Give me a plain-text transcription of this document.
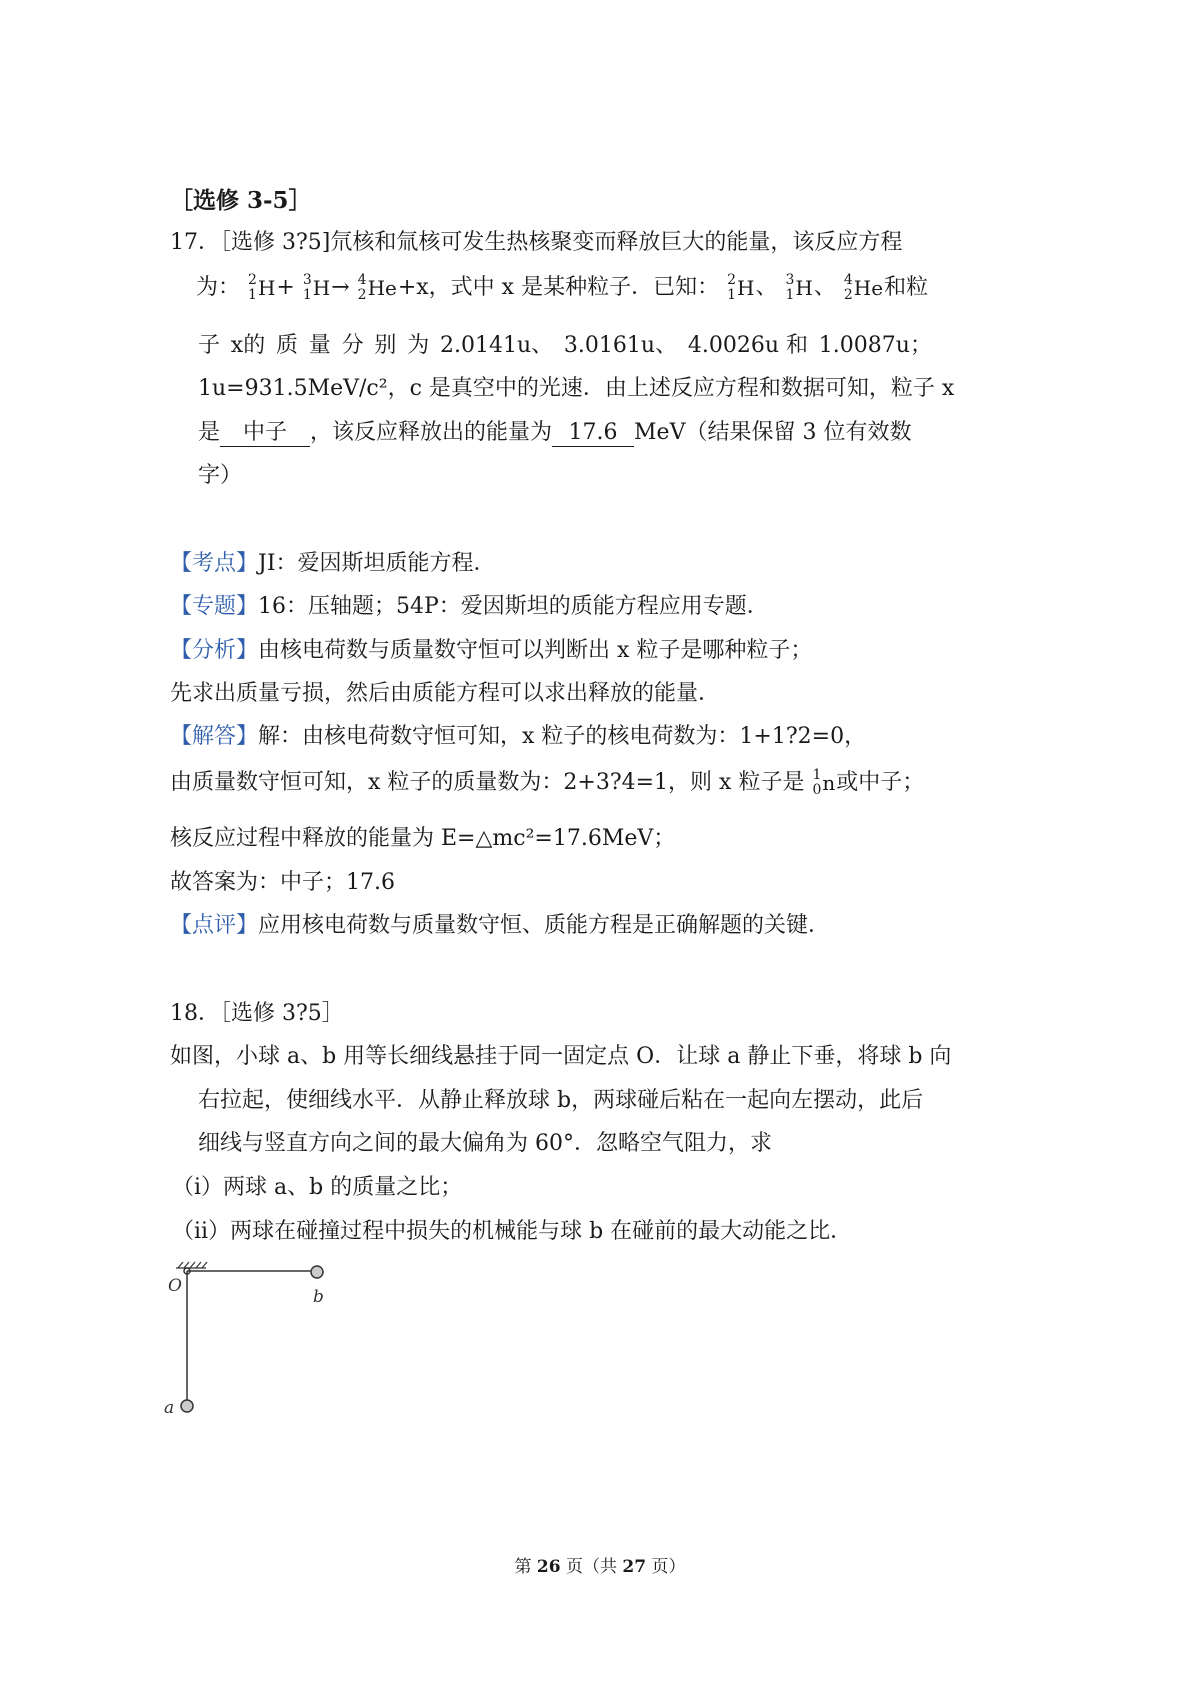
［选修 3-5］
17．［选修 3?5]氘核和氚核可发生热核聚变而释放巨大的能量，该反应方程
为： 2
1 H + 3
1 H → 4
2 He +x，式中 x 是某种粒子．已知： 2
1 H 、 3
1 H 、 4
2 He 和粒
子 x的 质 量 分 别 为 2.0141u、 3.0161u、 4.0026u 和 1.0087u；
1u=931.5MeV/c²，c 是真空中的光速．由上述反应方程和数据可知，粒子 x
是 中子 ，该反应释放出的能量为 17.6 MeV（结果保留 3 位有效数
字）
【考点】JI：爱因斯坦质能方程．
【专题】16：压轴题；54P：爱因斯坦的质能方程应用专题．
【分析】由核电荷数与质量数守恒可以判断出 x 粒子是哪种粒子；
先求出质量亏损，然后由质能方程可以求出释放的能量．
【解答】解：由核电荷数守恒可知，x 粒子的核电荷数为：1+1?2=0，
由质量数守恒可知，x 粒子的质量数为：2+3?4=1，则 x 粒子是 1
0 n 或中子；
核反应过程中释放的能量为 E=△mc²=17.6MeV；
故答案为：中子；17.6
【点评】应用核电荷数与质量数守恒、质能方程是正确解题的关键．
18．［选修 3?5］
如图，小球 a、b 用等长细线悬挂于同一固定点 O．让球 a 静止下垂，将球 b 向
右拉起，使细线水平．从静止释放球 b，两球碰后粘在一起向左摆动，此后
细线与竖直方向之间的最大偏角为 60°．忽略空气阻力，求
（i）两球 a、b 的质量之比；
（ii）两球在碰撞过程中损失的机械能与球 b 在碰前的最大动能之比．
O
b
a
第 26 页（共 27 页）
